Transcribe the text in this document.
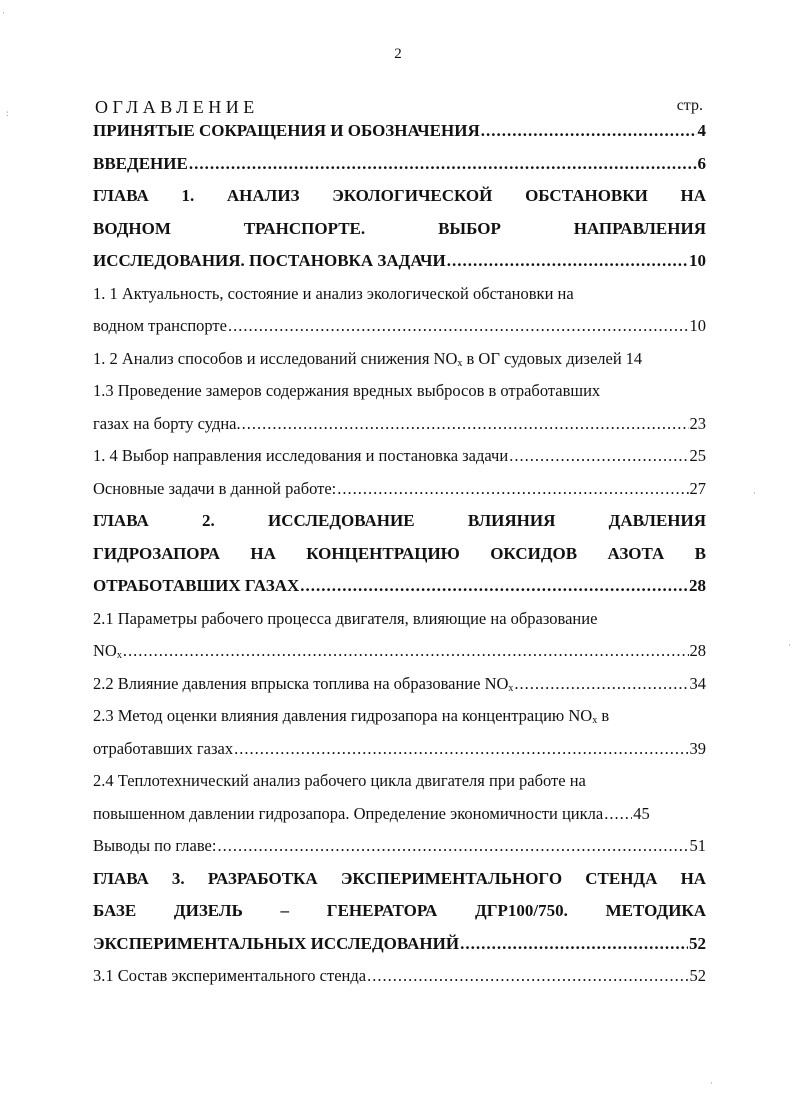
2
ОГЛАВЛЕНИЕ	стр.
ПРИНЯТЫЕ СОКРАЩЕНИЯ И ОБОЗНАЧЕНИЯ .....	4
ВВЕДЕНИЕ .....	6
ГЛАВА 1. АНАЛИЗ ЭКОЛОГИЧЕСКОЙ ОБСТАНОВКИ НА
ВОДНОМ	ТРАНСПОРТЕ.	ВЫБОР	НАПРАВЛЕНИЯ
ИССЛЕДОВАНИЯ. ПОСТАНОВКА ЗАДАЧИ .....	10
1. 1 Актуальность, состояние и анализ экологической обстановки на
водном транспорте .....	10
1. 2 Анализ способов и исследований снижения $NO_x$ в ОГ судовых дизелей 14
1.3 Проведение замеров содержания вредных выбросов в отработавших
газах на борту судна. .....	23
1. 4 Выбор направления исследования и постановка задачи .....	25
Основные задачи в данной работе: .....	27
ГЛАВА	2.	ИССЛЕДОВАНИЕ	ВЛИЯНИЯ	ДАВЛЕНИЯ
ГИДРОЗАПОРА НА КОНЦЕНТРАЦИЮ ОКСИДОВ АЗОТА В
ОТРАБОТАВШИХ ГАЗАХ .....	28
2.1 Параметры рабочего процесса двигателя, влияющие на образование
$NO_x$ .....	28
2.2 Влияние давления впрыска топлива на образование $NO_x$ .....	34
2.3 Метод оценки влияния давления гидрозапора на концентрацию $NO_x$ в
отработавших газах .....	39
2.4 Теплотехнический анализ рабочего цикла двигателя при работе на
повышенном давлении гидрозапора. Определение экономичности цикла ..... 45
Выводы по главе: .....	51
ГЛАВА 3. РАЗРАБОТКА ЭКСПЕРИМЕНТАЛЬНОГО СТЕНДА НА
БАЗЕ ДИЗЕЛЬ – ГЕНЕРАТОРА ДГР100/750. МЕТОДИКА
ЭКСПЕРИМЕНТАЛЬНЫХ ИССЛЕДОВАНИЙ .....	52
3.1 Состав экспериментального стенда .....	52
·
:
·
·
·
